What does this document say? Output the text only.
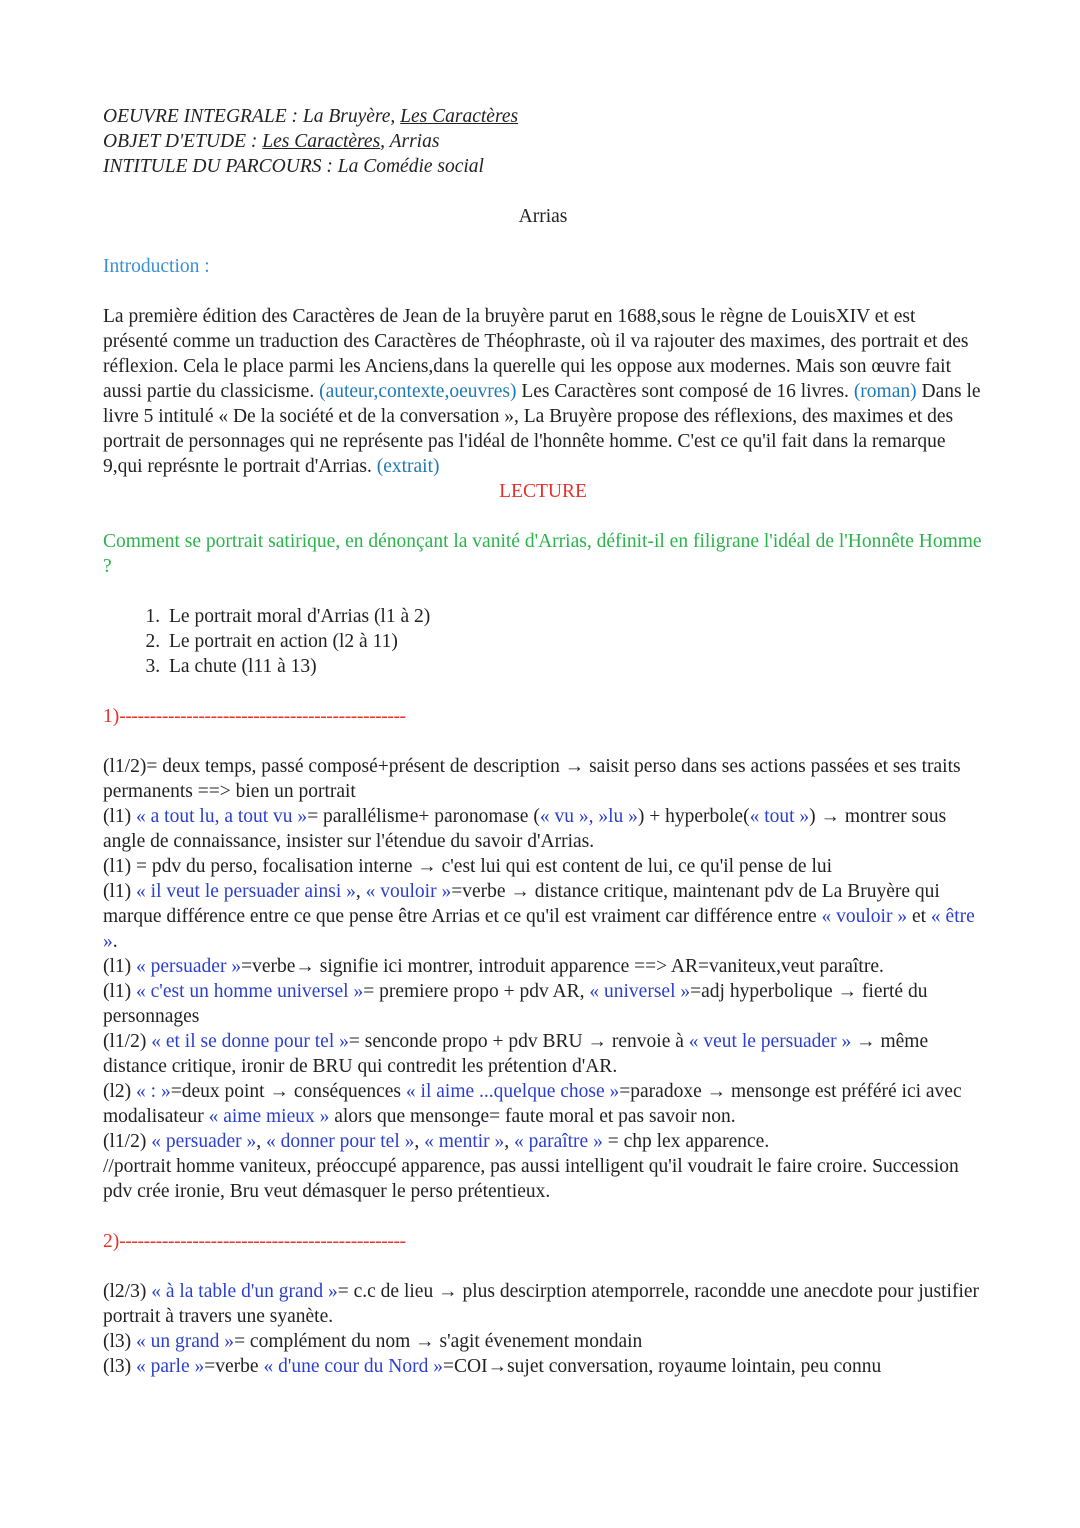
OEUVRE INTEGRALE : La Bruyère, Les Caractères
OBJET D'ETUDE : Les Caractères, Arrias
INTITULE DU PARCOURS : La Comédie social
Arrias
Introduction :
La première édition des Caractères de Jean de la bruyère parut en 1688,sous le règne de LouisXIV et est présenté comme un traduction des Caractères de Théophraste, où il va rajouter des maximes, des portrait et des réflexion. Cela le place parmi les Anciens,dans la querelle qui les oppose aux modernes. Mais son œuvre fait aussi partie du classicisme. (auteur,contexte,oeuvres) Les Caractères sont composé de 16 livres. (roman) Dans le livre 5 intitulé « De la société et de la conversation », La Bruyère propose des réflexions, des maximes et des portrait de personnages qui ne représente pas l'idéal de l'honnête homme. C'est ce qu'il fait dans la remarque 9,qui représnte le portrait d'Arrias. (extrait)
LECTURE
Comment se portrait satirique, en dénonçant la vanité d'Arrias, définit-il en filigrane l'idéal de l'Honnête Homme ?
1. Le portrait moral d'Arrias (l1 à 2)
2. Le portrait en action (l2 à 11)
3. La chute (l11 à 13)
1)-----------------------------------------------
(l1/2)= deux temps, passé composé+présent de description → saisit perso dans ses actions passées et ses traits permanents ==> bien un portrait
(l1) « a tout lu, a tout vu »= parallélisme+ paronomase (« vu », »lu ») + hyperbole(« tout ») → montrer sous angle de connaissance, insister sur l'étendue du savoir d'Arrias.
(l1) = pdv du perso, focalisation interne → c'est lui qui est content de lui, ce qu'il pense de lui
(l1) « il veut le persuader ainsi », « vouloir »=verbe → distance critique, maintenant pdv de La Bruyère qui marque différence entre ce que pense être Arrias et ce qu'il est vraiment car différence entre « vouloir » et « être ».
(l1) « persuader »=verbe→ signifie ici montrer, introduit apparence ==> AR=vaniteux,veut paraître.
(l1) « c'est un homme universel »= premiere propo + pdv AR, « universel »=adj hyperbolique → fierté du personnages
(l1/2) « et il se donne pour tel »= senconde propo + pdv BRU → renvoie à « veut le persuader » → même distance critique, ironir de BRU qui contredit les prétention d'AR.
(l2) « : »=deux point → conséquences « il aime ...quelque chose »=paradoxe → mensonge est préféré ici avec modalisateur « aime mieux » alors que mensonge= faute moral et pas savoir non.
(l1/2) « persuader », « donner pour tel », « mentir », « paraître » = chp lex apparence.
//portrait homme vaniteux, préoccupé apparence, pas aussi intelligent qu'il voudrait le faire croire. Succession pdv crée ironie, Bru veut démasquer le perso prétentieux.
2)-----------------------------------------------
(l2/3) « à la table d'un grand »= c.c de lieu → plus descirption atemporrele, racondde une anecdote pour justifier portrait à travers une syanète.
(l3) « un grand »= complément du nom → s'agit évenement mondain
(l3) « parle »=verbe « d'une cour du Nord »=COI→sujet conversation, royaume lointain, peu connu
